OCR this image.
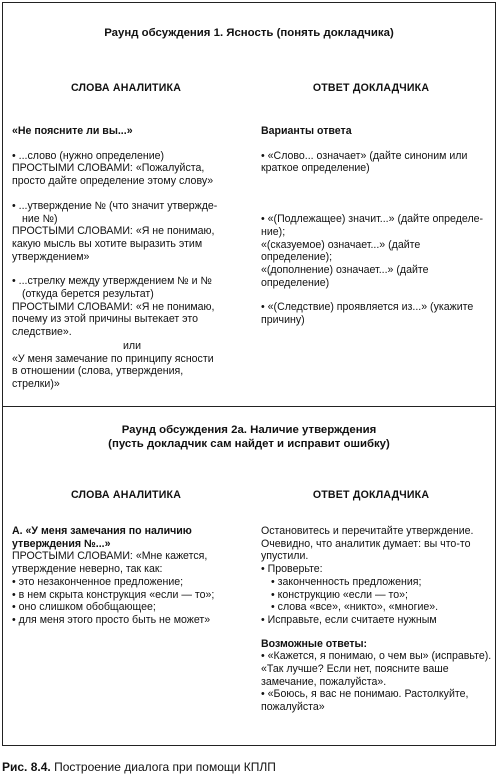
Раунд обсуждения 1. Ясность (понять докладчика)
СЛОВА АНАЛИТИКА	ОТВЕТ ДОКЛАДЧИКА

«Не поясните ли вы...»

• ...слово (нужно определение)

ПРОСТЫМИ СЛОВАМИ: «Пожалуйста,

просто дайте определение этому слову»

• ...утверждение № (что значит утвержде-

ние №)

ПРОСТЫМИ СЛОВАМИ: «Я не понимаю,

какую мысль вы хотите выразить этим

утверждением»

• ...стрелку между утверждением № и №

(откуда берется результат)

ПРОСТЫМИ СЛОВАМИ: «Я не понимаю,

почему из этой причины вытекает это

следствие».

или

«У меня замечание по принципу ясности

в отношении (слова, утверждения,

стрелки)»

Варианты ответа

• «Слово... означает» (дайте синоним или

краткое определение)

• «(Подлежащее) значит...» (дайте определе-

ние);

«(сказуемое) означает...» (дайте определение);

«(дополнение) означает...» (дайте определение)

• «(Следствие) проявляется из...» (укажите

причину)

Раунд обсуждения 2а. Наличие утверждения
(пусть докладчик сам найдет и исправит ошибку)
СЛОВА АНАЛИТИКА	ОТВЕТ ДОКЛАДЧИКА

А. «У меня замечания по наличию

утверждения №...»

ПРОСТЫМИ СЛОВАМИ: «Мне кажется,

утверждение неверно, так как:

• это незаконченное предложение;

• в нем скрыта конструкция «если — то»;

• оно слишком обобщающее;

• для меня этого просто быть не может»

Остановитесь и перечитайте утверждение.

Очевидно, что аналитик думает: вы что-то

упустили.

• Проверьте:

• законченность предложения;

• конструкцию «если — то»;

• слова «все», «никто», «многие».

• Исправьте, если считаете нужным

Возможные ответы:

• «Кажется, я понимаю, о чем вы» (исправьте).

«Так лучше? Если нет, поясните ваше

замечание, пожалуйста».

• «Боюсь, я вас не понимаю. Растолкуйте,

пожалуйста»

Рис. 8.4. Построение диалога при помощи КПЛП
